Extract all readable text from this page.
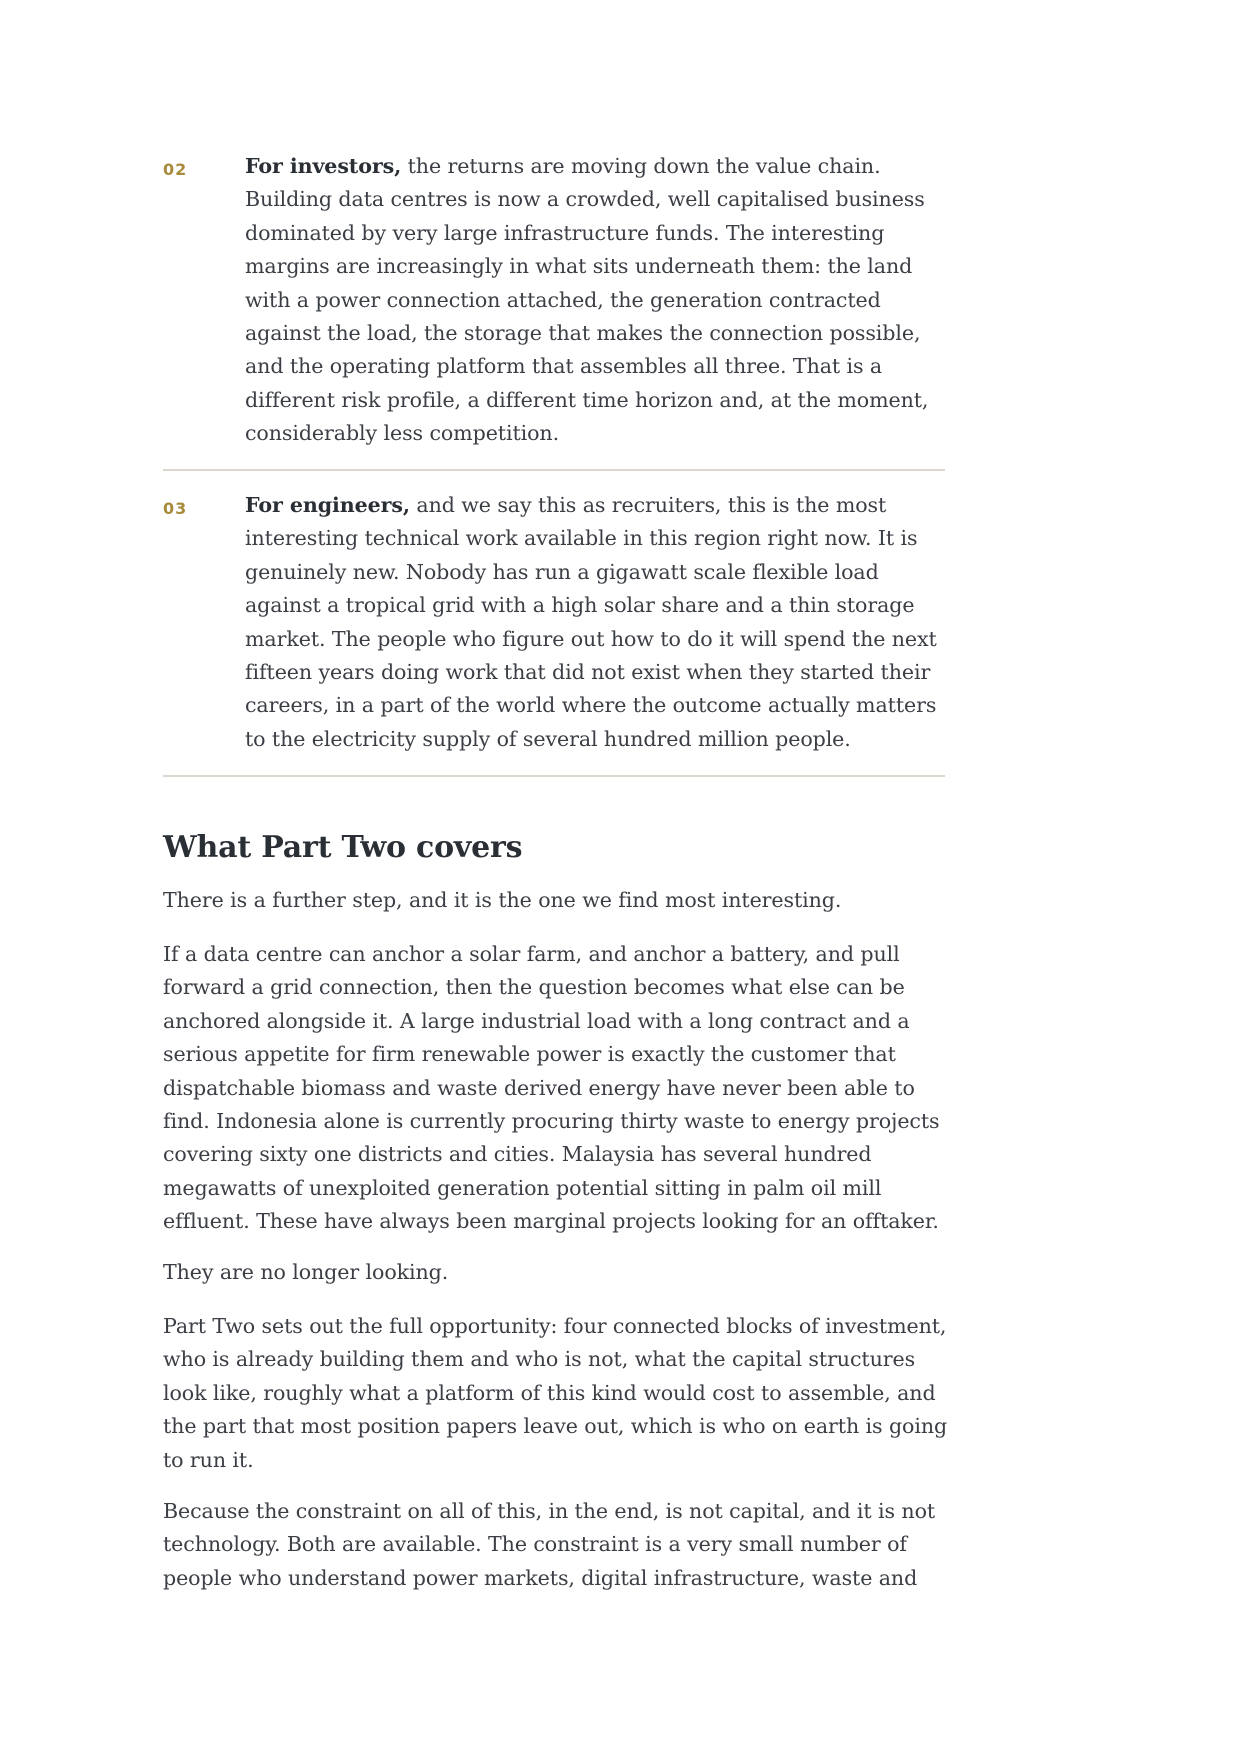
02	For investors, the returns are moving down the value chain. Building data centres is now a crowded, well capitalised business dominated by very large infrastructure funds. The interesting margins are increasingly in what sits underneath them: the land with a power connection attached, the generation contracted against the load, the storage that makes the connection possible, and the operating platform that assembles all three. That is a different risk profile, a different time horizon and, at the moment, considerably less competition.

03	For engineers, and we say this as recruiters, this is the most interesting technical work available in this region right now. It is genuinely new. Nobody has run a gigawatt scale flexible load against a tropical grid with a high solar share and a thin storage market. The people who figure out how to do it will spend the next fifteen years doing work that did not exist when they started their careers, in a part of the world where the outcome actually matters to the electricity supply of several hundred million people.

What Part Two covers

There is a further step, and it is the one we find most interesting.

If a data centre can anchor a solar farm, and anchor a battery, and pull forward a grid connection, then the question becomes what else can be anchored alongside it. A large industrial load with a long contract and a serious appetite for firm renewable power is exactly the customer that dispatchable biomass and waste derived energy have never been able to find. Indonesia alone is currently procuring thirty waste to energy projects covering sixty one districts and cities. Malaysia has several hundred megawatts of unexploited generation potential sitting in palm oil mill effluent. These have always been marginal projects looking for an offtaker.

They are no longer looking.

Part Two sets out the full opportunity: four connected blocks of investment, who is already building them and who is not, what the capital structures look like, roughly what a platform of this kind would cost to assemble, and the part that most position papers leave out, which is who on earth is going to run it.

Because the constraint on all of this, in the end, is not capital, and it is not technology. Both are available. The constraint is a very small number of people who understand power markets, digital infrastructure, waste and
